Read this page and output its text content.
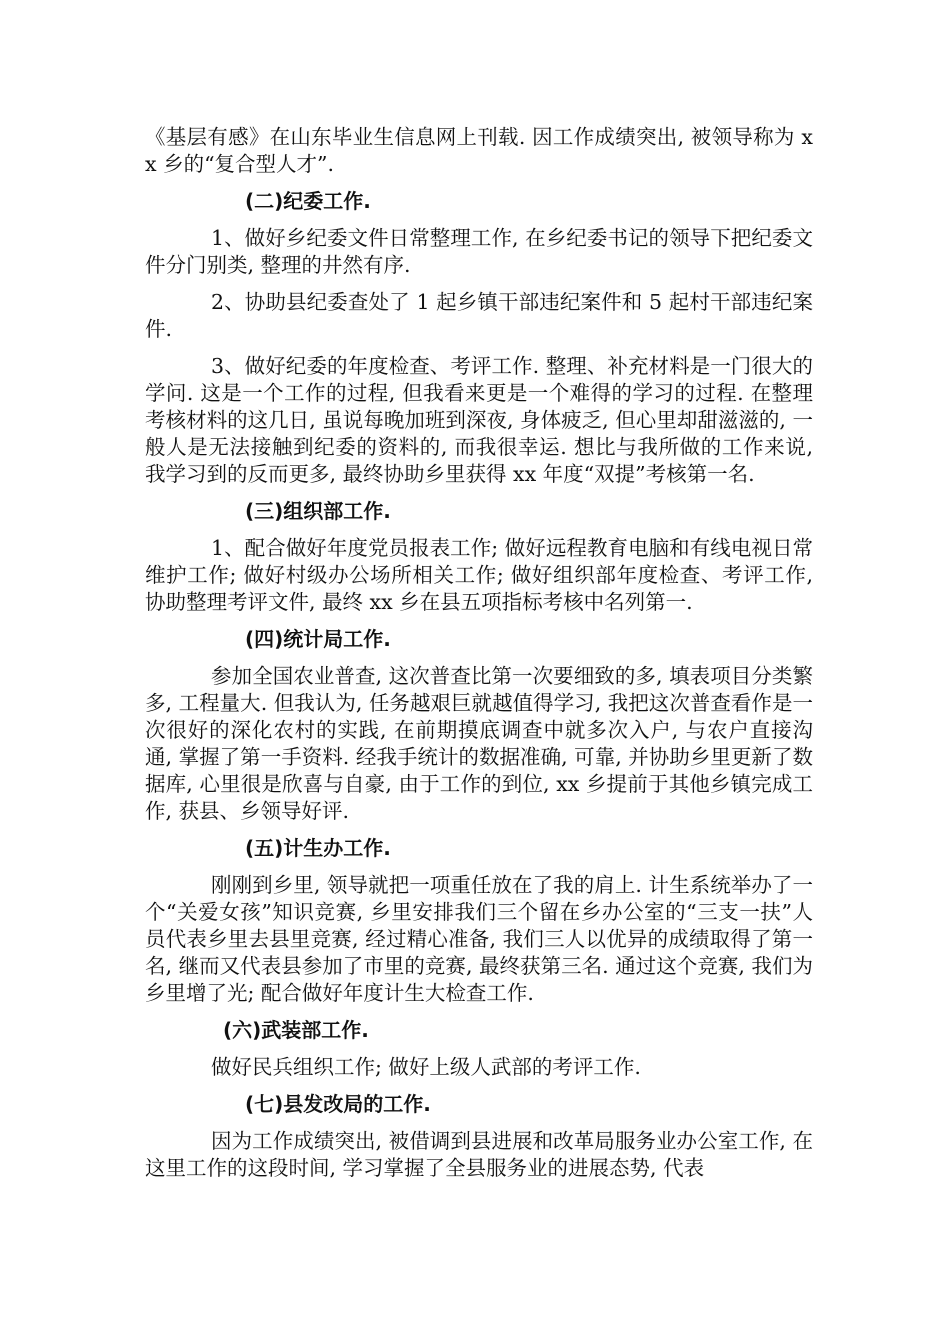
《基层有感》在山东毕业生信息网上刊载. 因工作成绩突出, 被领导称为 xx 乡的“复合型人才”.

(二)纪委工作.

1、做好乡纪委文件日常整理工作, 在乡纪委书记的领导下把纪委文件分门别类, 整理的井然有序.

2、协助县纪委查处了 1 起乡镇干部违纪案件和 5 起村干部违纪案件.

3、做好纪委的年度检查、考评工作. 整理、补充材料是一门很大的学问. 这是一个工作的过程, 但我看来更是一个难得的学习的过程. 在整理考核材料的这几日, 虽说每晚加班到深夜, 身体疲乏, 但心里却甜滋滋的, 一般人是无法接触到纪委的资料的, 而我很幸运. 想比与我所做的工作来说, 我学习到的反而更多, 最终协助乡里获得 xx 年度“双提”考核第一名.

(三)组织部工作.

1、配合做好年度党员报表工作; 做好远程教育电脑和有线电视日常维护工作; 做好村级办公场所相关工作; 做好组织部年度检查、考评工作, 协助整理考评文件, 最终 xx 乡在县五项指标考核中名列第一.

(四)统计局工作.

参加全国农业普查, 这次普查比第一次要细致的多, 填表项目分类繁多, 工程量大. 但我认为, 任务越艰巨就越值得学习, 我把这次普查看作是一次很好的深化农村的实践, 在前期摸底调查中就多次入户, 与农户直接沟通, 掌握了第一手资料. 经我手统计的数据准确, 可靠, 并协助乡里更新了数据库, 心里很是欣喜与自豪, 由于工作的到位, xx 乡提前于其他乡镇完成工作, 获县、乡领导好评.

(五)计生办工作.

刚刚到乡里, 领导就把一项重任放在了我的肩上. 计生系统举办了一个“关爱女孩”知识竞赛, 乡里安排我们三个留在乡办公室的“三支一扶”人员代表乡里去县里竞赛, 经过精心准备, 我们三人以优异的成绩取得了第一名, 继而又代表县参加了市里的竞赛, 最终获第三名. 通过这个竞赛, 我们为乡里增了光; 配合做好年度计生大检查工作.

(六)武装部工作.

做好民兵组织工作; 做好上级人武部的考评工作.

(七)县发改局的工作.

因为工作成绩突出, 被借调到县进展和改革局服务业办公室工作, 在这里工作的这段时间, 学习掌握了全县服务业的进展态势, 代表
